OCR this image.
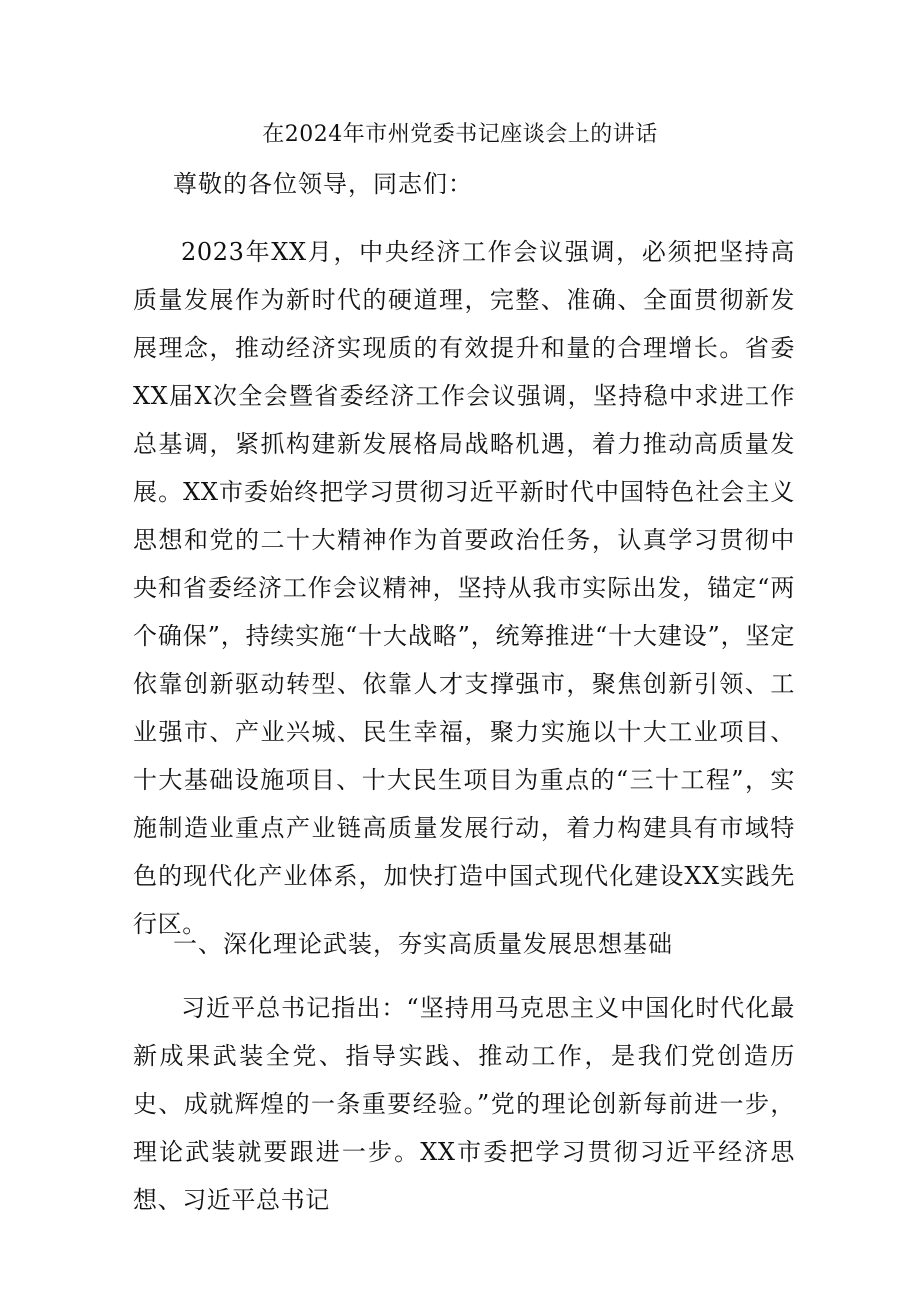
在2024年市州党委书记座谈会上的讲话
尊敬的各位领导，同志们：

2023年XX月，中央经济工作会议强调，必须把坚持高质量发展作为新时代的硬道理，完整、准确、全面贯彻新发展理念，推动经济实现质的有效提升和量的合理增长。省委XX届X次全会暨省委经济工作会议强调，坚持稳中求进工作总基调，紧抓构建新发展格局战略机遇，着力推动高质量发展。XX市委始终把学习贯彻习近平新时代中国特色社会主义思想和党的二十大精神作为首要政治任务，认真学习贯彻中央和省委经济工作会议精神，坚持从我市实际出发，锚定“两个确保”，持续实施“十大战略”，统筹推进“十大建设”，坚定依靠创新驱动转型、依靠人才支撑强市，聚焦创新引领、工业强市、产业兴城、民生幸福，聚力实施以十大工业项目、十大基础设施项目、十大民生项目为重点的“三十工程”，实施制造业重点产业链高质量发展行动，着力构建具有市域特色的现代化产业体系，加快打造中国式现代化建设XX实践先行区。

一、深化理论武装，夯实高质量发展思想基础

习近平总书记指出：“坚持用马克思主义中国化时代化最新成果武装全党、指导实践、推动工作，是我们党创造历史、成就辉煌的一条重要经验。”党的理论创新每前进一步，理论武装就要跟进一步。XX市委把学习贯彻习近平经济思想、习近平总书记
